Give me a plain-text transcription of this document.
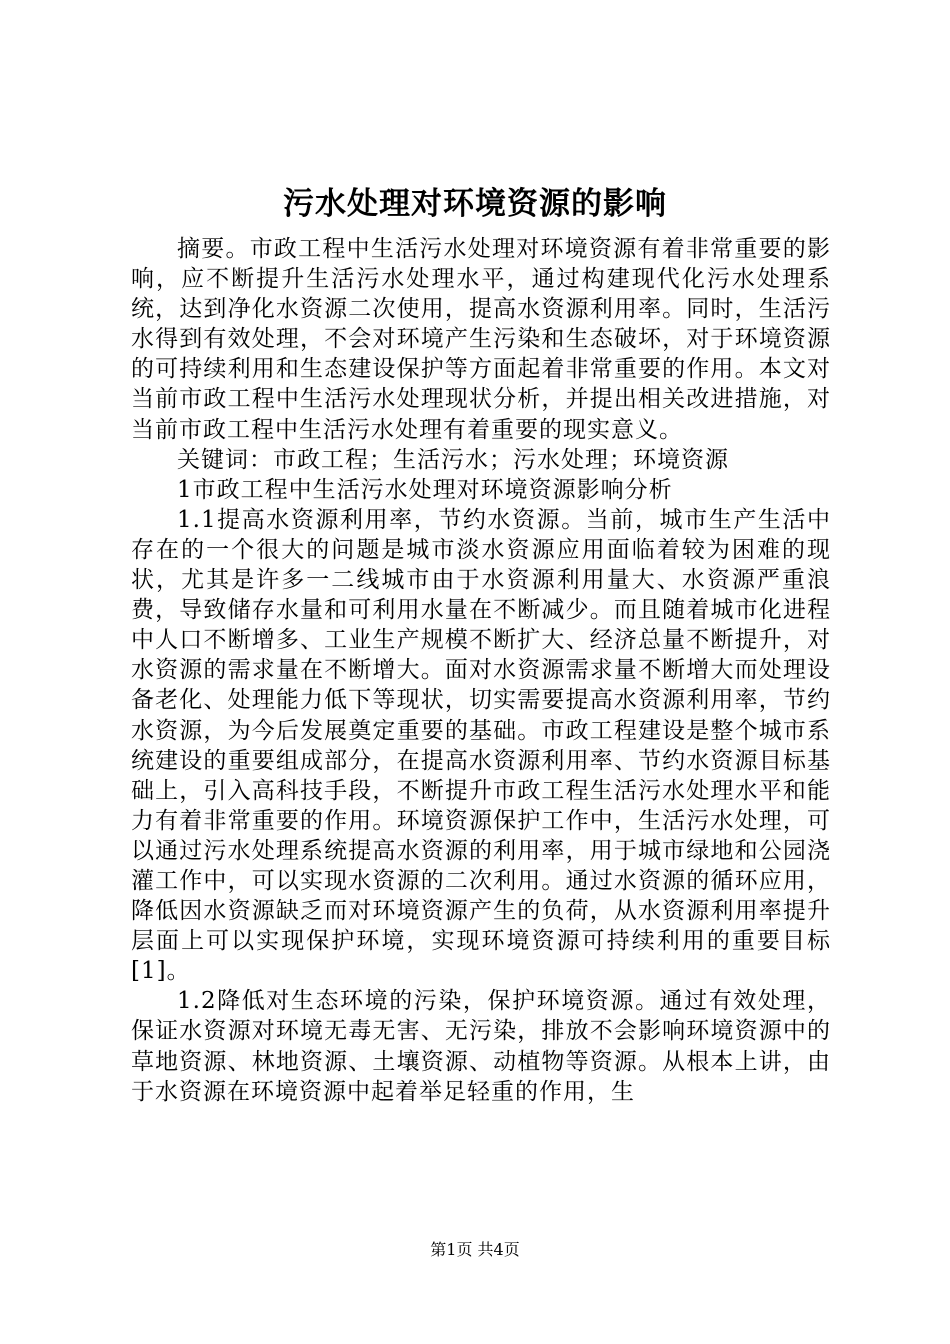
污水处理对环境资源的影响

摘要。市政工程中生活污水处理对环境资源有着非常重要的影响，应不断提升生活污水处理水平，通过构建现代化污水处理系统，达到净化水资源二次使用，提高水资源利用率。同时，生活污水得到有效处理，不会对环境产生污染和生态破坏，对于环境资源的可持续利用和生态建设保护等方面起着非常重要的作用。本文对当前市政工程中生活污水处理现状分析，并提出相关改进措施，对当前市政工程中生活污水处理有着重要的现实意义。

关键词：市政工程；生活污水；污水处理；环境资源

1市政工程中生活污水处理对环境资源影响分析

1.1提高水资源利用率，节约水资源。当前，城市生产生活中存在的一个很大的问题是城市淡水资源应用面临着较为困难的现状，尤其是许多一二线城市由于水资源利用量大、水资源严重浪费，导致储存水量和可利用水量在不断减少。而且随着城市化进程中人口不断增多、工业生产规模不断扩大、经济总量不断提升，对水资源的需求量在不断增大。面对水资源需求量不断增大而处理设备老化、处理能力低下等现状，切实需要提高水资源利用率，节约水资源，为今后发展奠定重要的基础。市政工程建设是整个城市系统建设的重要组成部分，在提高水资源利用率、节约水资源目标基础上，引入高科技手段，不断提升市政工程生活污水处理水平和能力有着非常重要的作用。环境资源保护工作中，生活污水处理，可以通过污水处理系统提高水资源的利用率，用于城市绿地和公园浇灌工作中，可以实现水资源的二次利用。通过水资源的循环应用，降低因水资源缺乏而对环境资源产生的负荷，从水资源利用率提升层面上可以实现保护环境，实现环境资源可持续利用的重要目标[1]。

1.2降低对生态环境的污染，保护环境资源。通过有效处理，保证水资源对环境无毒无害、无污染，排放不会影响环境资源中的草地资源、林地资源、土壤资源、动植物等资源。从根本上讲，由于水资源在环境资源中起着举足轻重的作用，生

第1页 共4页
